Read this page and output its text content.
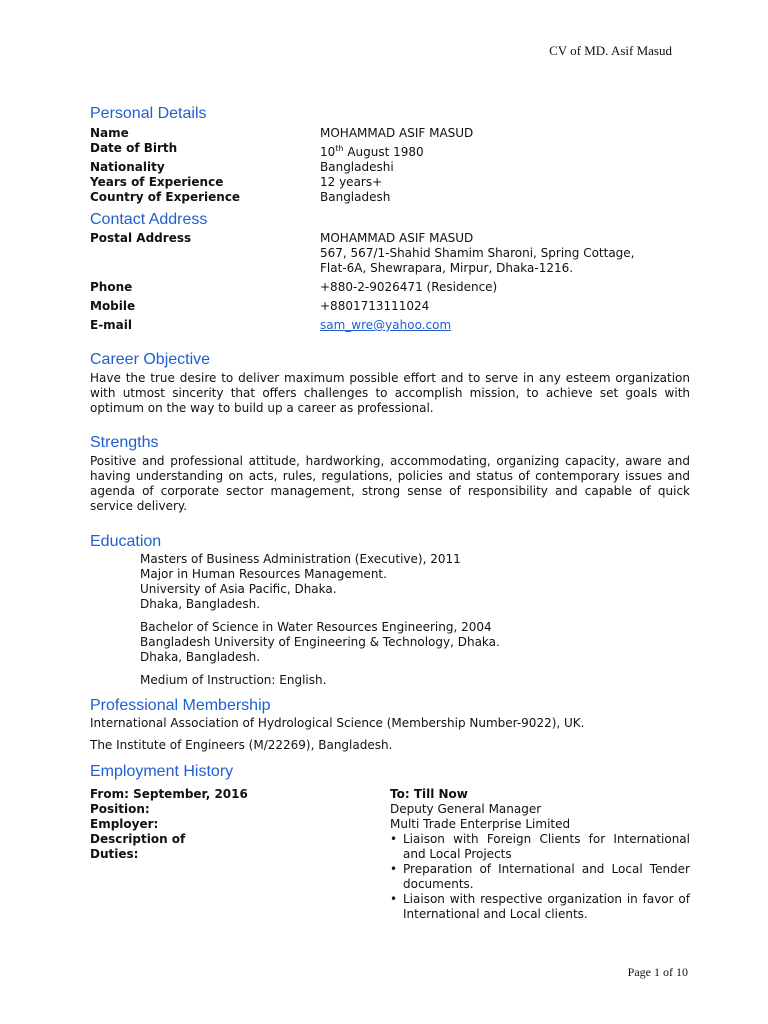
CV of MD. Asif Masud
Personal Details
Name	MOHAMMAD ASIF MASUD
Date of Birth	10th August 1980
Nationality	Bangladeshi
Years of Experience	12 years+
Country of Experience	Bangladesh
Contact Address
Postal Address	MOHAMMAD ASIF MASUD
567, 567/1-Shahid Shamim Sharoni, Spring Cottage,
Flat-6A, Shewrapara, Mirpur, Dhaka-1216.
Phone	+880-2-9026471 (Residence)
Mobile	+8801713111024
E-mail	sam_wre@yahoo.com
Career Objective
Have the true desire to deliver maximum possible effort and to serve in any esteem organization with utmost sincerity that offers challenges to accomplish mission, to achieve set goals with optimum on the way to build up a career as professional.
Strengths
Positive and professional attitude, hardworking, accommodating, organizing capacity, aware and having understanding on acts, rules, regulations, policies and status of contemporary issues and agenda of corporate sector management, strong sense of responsibility and capable of quick service delivery.
Education
Masters of Business Administration (Executive), 2011
Major in Human Resources Management.
University of Asia Pacific, Dhaka.
Dhaka, Bangladesh.
Bachelor of Science in Water Resources Engineering, 2004
Bangladesh University of Engineering & Technology, Dhaka.
Dhaka, Bangladesh.
Medium of Instruction: English.
Professional Membership
International Association of Hydrological Science (Membership Number-9022), UK.
The Institute of Engineers (M/22269), Bangladesh.
Employment History
From: September, 2016	To: Till Now
Position:	Deputy General Manager
Employer:	Multi Trade Enterprise Limited
Description of
Duties:
• Liaison with Foreign Clients for International and Local Projects
• Preparation of International and Local Tender documents.
• Liaison with respective organization in favor of International and Local clients.
Page 1 of 10
